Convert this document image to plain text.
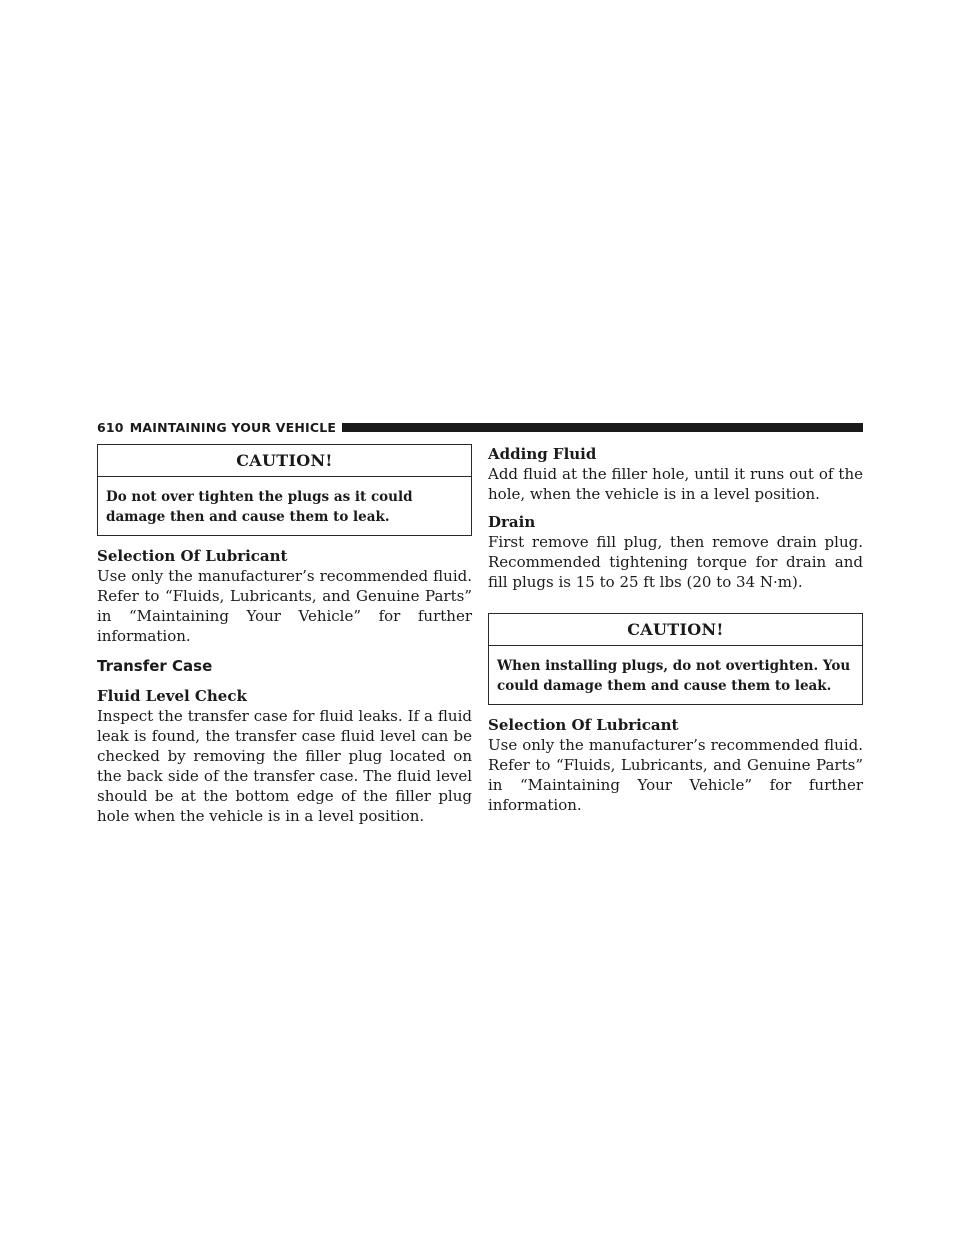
610 MAINTAINING YOUR VEHICLE
CAUTION!
Do not over tighten the plugs as it could damage then and cause them to leak.
Selection Of Lubricant
Use only the manufacturer’s recommended fluid. Refer to “Fluids, Lubricants, and Genuine Parts” in “Maintaining Your Vehicle” for further information.
Transfer Case
Fluid Level Check
Inspect the transfer case for fluid leaks. If a fluid leak is found, the transfer case fluid level can be checked by removing the filler plug located on the back side of the transfer case. The fluid level should be at the bottom edge of the filler plug hole when the vehicle is in a level position.
Adding Fluid
Add fluid at the filler hole, until it runs out of the hole, when the vehicle is in a level position.
Drain
First remove fill plug, then remove drain plug. Recommended tightening torque for drain and fill plugs is 15 to 25 ft lbs (20 to 34 N·m).
CAUTION!
When installing plugs, do not overtighten. You could damage them and cause them to leak.
Selection Of Lubricant
Use only the manufacturer’s recommended fluid. Refer to “Fluids, Lubricants, and Genuine Parts” in “Maintaining Your Vehicle” for further information.
